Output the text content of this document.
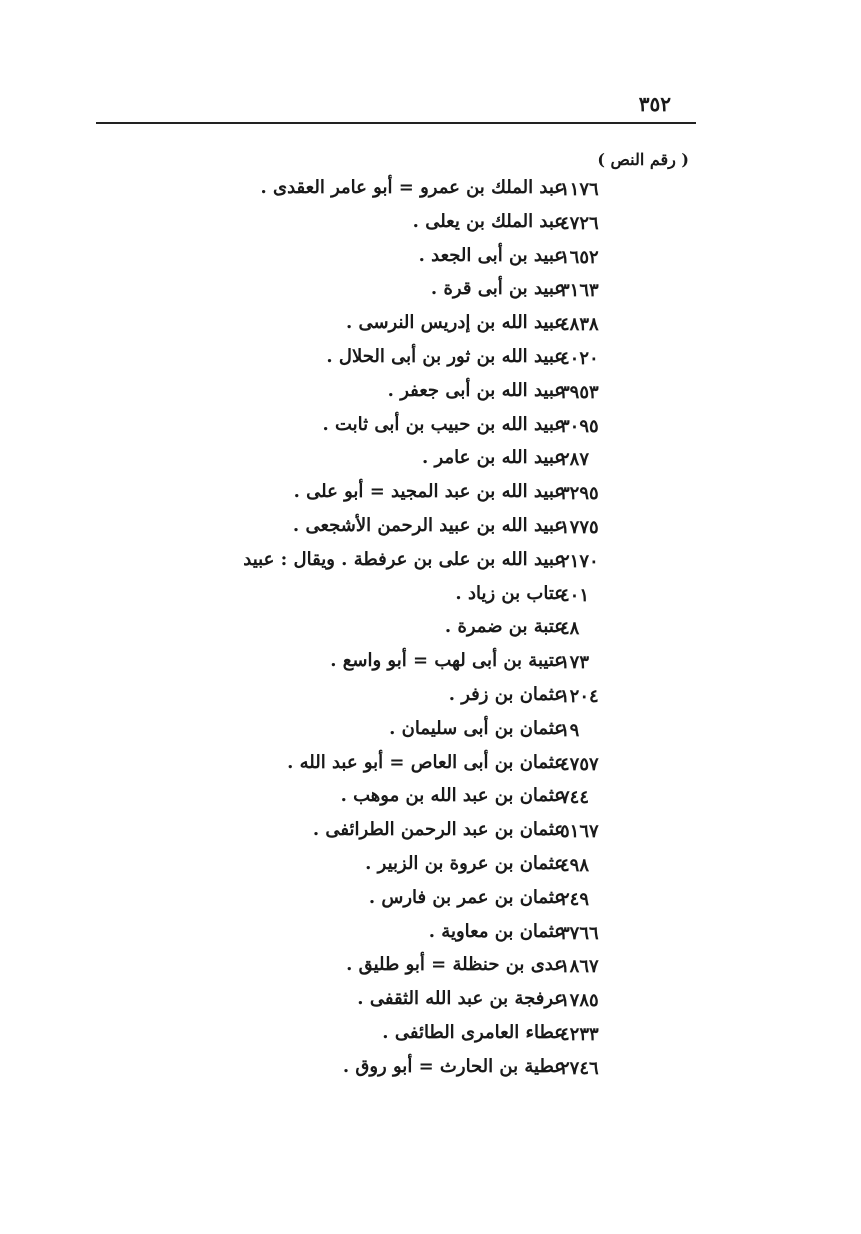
٣٥٢
( رقم النص )
١١٧٦
عبد الملك بن عمرو = أبو عامر العقدى .
٤٧٢٦
عبد الملك بن يعلى .
١٦٥٢
عبيد بن أبى الجعد .
٣١٦٣
عبيد بن أبى قرة .
٤٨٣٨
عبيد الله بن إدريس النرسى .
٤٠٢٠
عبيد الله بن ثور بن أبى الحلال .
٣٩٥٣
عبيد الله بن أبى جعفر .
٣٠٩٥
عبيد الله بن حبيب بن أبى ثابت .
٢٨٧
عبيد الله بن عامر .
٣٢٩٥
عبيد الله بن عبد المجيد = أبو على .
١٧٧٥
عبيد الله بن عبيد الرحمن الأشجعى .
٢١٧٠
عبيد الله بن على بن عرفطة . ويقال : عبيد
٤٠١
عتاب بن زياد .
٤٨
عتبة بن ضمرة .
١٧٣
عتيبة بن أبى لهب = أبو واسع .
١٢٠٤
عثمان بن زفر .
١٩
عثمان بن أبى سليمان .
٤٧٥٧
عثمان بن أبى العاص = أبو عبد الله .
٧٤٤
عثمان بن عبد الله بن موهب .
٥١٦٧
عثمان بن عبد الرحمن الطرائفى .
٤٩٨
عثمان بن عروة بن الزبير .
٢٤٩
عثمان بن عمر بن فارس .
٣٧٦٦
عثمان بن معاوية .
١٨٦٧
عدى بن حنظلة = أبو طليق .
١٧٨٥
عرفجة بن عبد الله الثقفى .
٤٢٣٣
عطاء العامرى الطائفى .
٢٧٤٦
عطية بن الحارث = أبو روق .
